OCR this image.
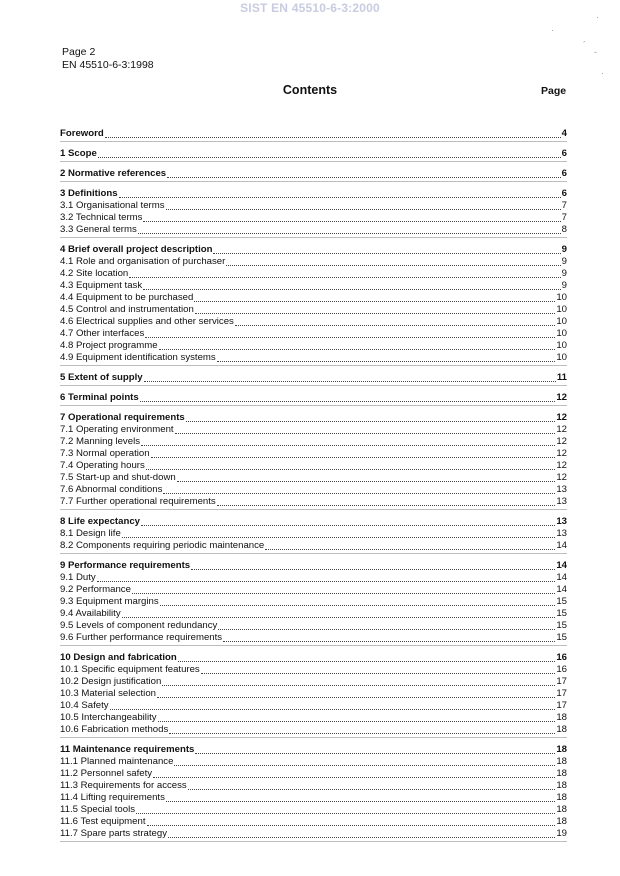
SIST EN 45510-6-3:2000
·
·
´
-
·
Page 2
EN 45510-6-3:1998
Contents	Page
Foreword	4
1 Scope	6
2 Normative references	6
3 Definitions	6
3.1 Organisational terms	7
3.2 Technical terms	7
3.3 General terms	8
4 Brief overall project description	9
4.1 Role and organisation of purchaser	9
4.2 Site location	9
4.3 Equipment task	9
4.4 Equipment to be purchased	10
4.5 Control and instrumentation	10
4.6 Electrical supplies and other services	10
4.7 Other interfaces	10
4.8 Project programme	10
4.9 Equipment identification systems	10
5 Extent of supply	11
6 Terminal points	12
7 Operational requirements	12
7.1 Operating environment	12
7.2 Manning levels	12
7.3 Normal operation	12
7.4 Operating hours	12
7.5 Start-up and shut-down	12
7.6 Abnormal conditions	13
7.7 Further operational requirements	13
8 Life expectancy	13
8.1 Design life	13
8.2 Components requiring periodic maintenance	14
9 Performance requirements	14
9.1 Duty	14
9.2 Performance	14
9.3 Equipment margins	15
9.4 Availability	15
9.5 Levels of component redundancy	15
9.6 Further performance requirements	15
10 Design and fabrication	16
10.1 Specific equipment features	16
10.2 Design justification	17
10.3 Material selection	17
10.4 Safety	17
10.5 Interchangeability	18
10.6 Fabrication methods	18
11 Maintenance requirements	18
11.1 Planned maintenance	18
11.2 Personnel safety	18
11.3 Requirements for access	18
11.4 Lifting requirements	18
11.5 Special tools	18
11.6 Test equipment	18
11.7 Spare parts strategy	19
